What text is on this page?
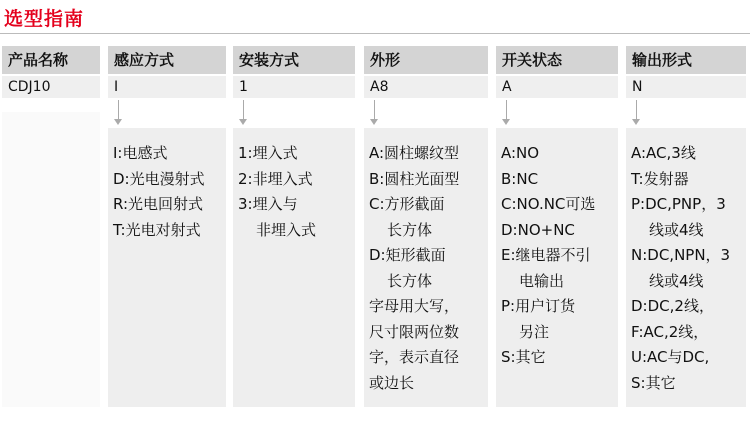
选型指南
产品名称
CDJ10
感应方式
I
I:电感式
D:光电漫射式
R:光电回射式
T:光电对射式
安装方式
1
1:埋入式
2:非埋入式
3:埋入与
非埋入式
外形
A8
A:圆柱螺纹型
B:圆柱光面型
C:方形截面
长方体
D:矩形截面
长方体
字母用大写，
尺寸限两位数
字，表示直径
或边长
开关状态
A
A:NO
B:NC
C:NO.NC可选
D:NO+NC
E:继电器不引
电输出
P:用户订货
另注
S:其它
输出形式
N
A:AC,3线
T:发射器
P:DC,PNP，3
线或4线
N:DC,NPN，3
线或4线
D:DC,2线，
F:AC,2线，
U:AC与DC,
S:其它
